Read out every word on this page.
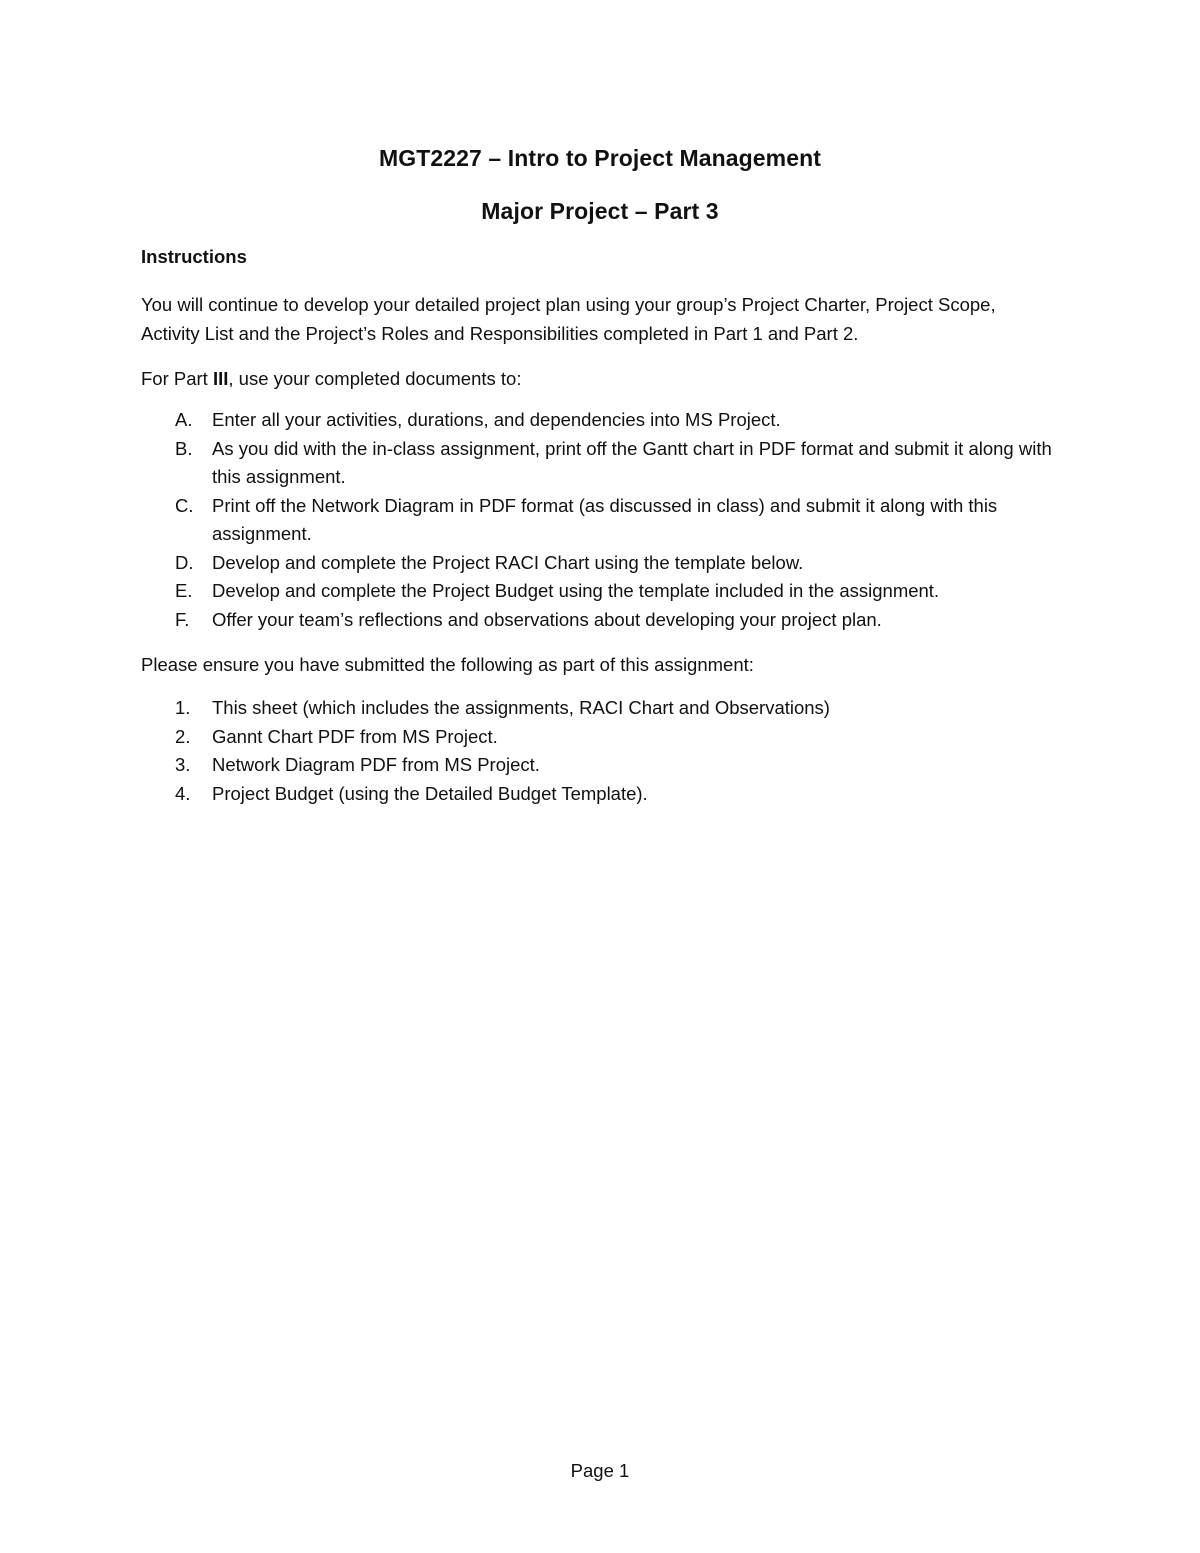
MGT2227 – Intro to Project Management

Major Project – Part 3

Instructions

You will continue to develop your detailed project plan using your group’s Project Charter, Project Scope, Activity List and the Project’s Roles and Responsibilities completed in Part 1 and Part 2.

For Part III, use your completed documents to:

A.	Enter all your activities, durations, and dependencies into MS Project.
B.	As you did with the in-class assignment, print off the Gantt chart in PDF format and submit it along with this assignment.
C.	Print off the Network Diagram in PDF format (as discussed in class) and submit it along with this assignment.
D.	Develop and complete the Project RACI Chart using the template below.
E.	Develop and complete the Project Budget using the template included in the assignment.
F.	Offer your team’s reflections and observations about developing your project plan.

Please ensure you have submitted the following as part of this assignment:

1.	This sheet (which includes the assignments, RACI Chart and Observations)
2.	Gannt Chart PDF from MS Project.
3.	Network Diagram PDF from MS Project.
4.	Project Budget (using the Detailed Budget Template).

Page 1
